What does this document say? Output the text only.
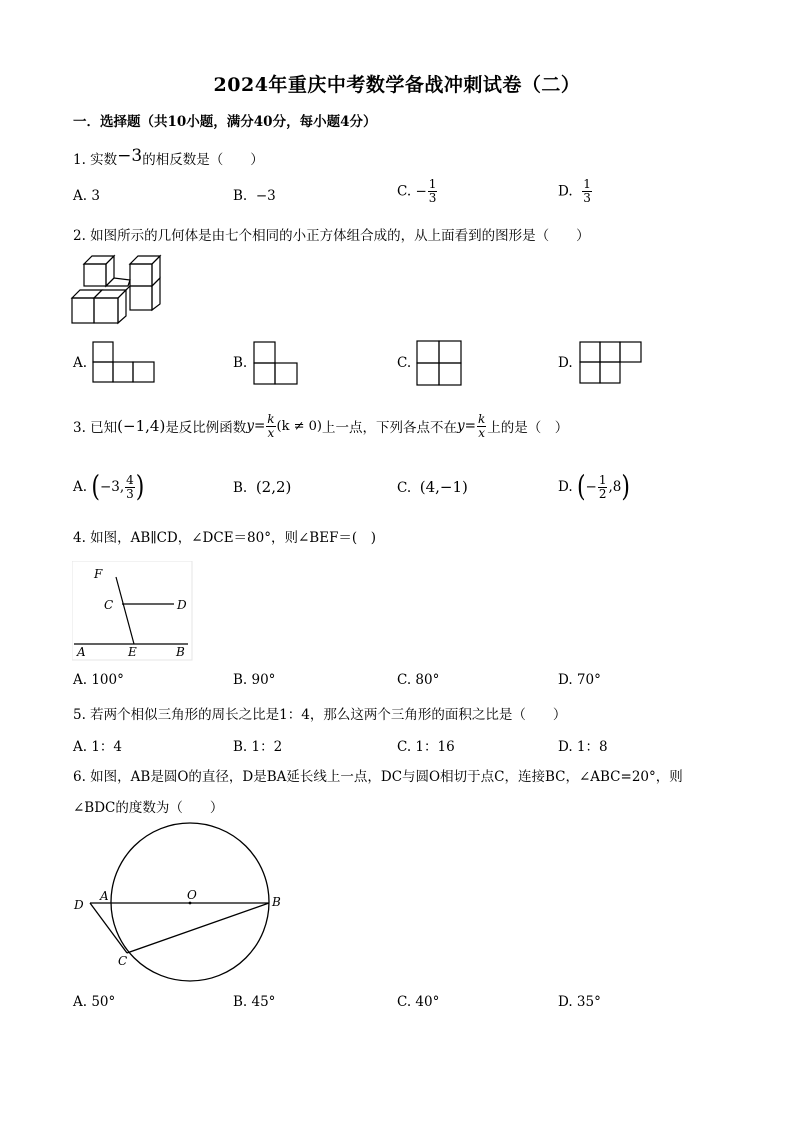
2024年重庆中考数学备战冲刺试卷（二）
一．选择题（共10小题，满分40分，每小题4分）
1. 实数−3的相反数是（　　）
A. 3	B. −3	C. − $\frac{1}{3}$	D. $\frac{1}{3}$
2. 如图所示的几何体是由七个相同的小正方体组合成的，从上面看到的图形是（　　）
A.	B.	C.	D.
3. 已知 (−1,4) 是反比例函数 $y = \frac{k}{x} (k \ne 0)$ 上一点，下列各点不在 $y = \frac{k}{x}$ 上的是（　）
A.
( −3, $\frac{4}{3}$ )	B. (2,2)	C. (4,−1)	D.
( − $\frac{1}{2} ,8$ )
4. 如图，AB∥CD，∠DCE＝80°，则∠BEF＝(　)
F
C	D
A	E	B
A. 100°	B. 90°	C. 80°	D. 70°
5. 若两个相似三角形的周长之比是1：4，那么这两个三角形的面积之比是（　　）
A. 1：4	B. 1：2	C. 1：16	D. 1：8
6. 如图，AB是圆O的直径，D是BA延长线上一点，DC与圆O相切于点C，连接BC，∠ABC=20°，则
∠BDC的度数为（　　）
D
A	O	B
C
A. 50°	B. 45°	C. 40°	D. 35°
